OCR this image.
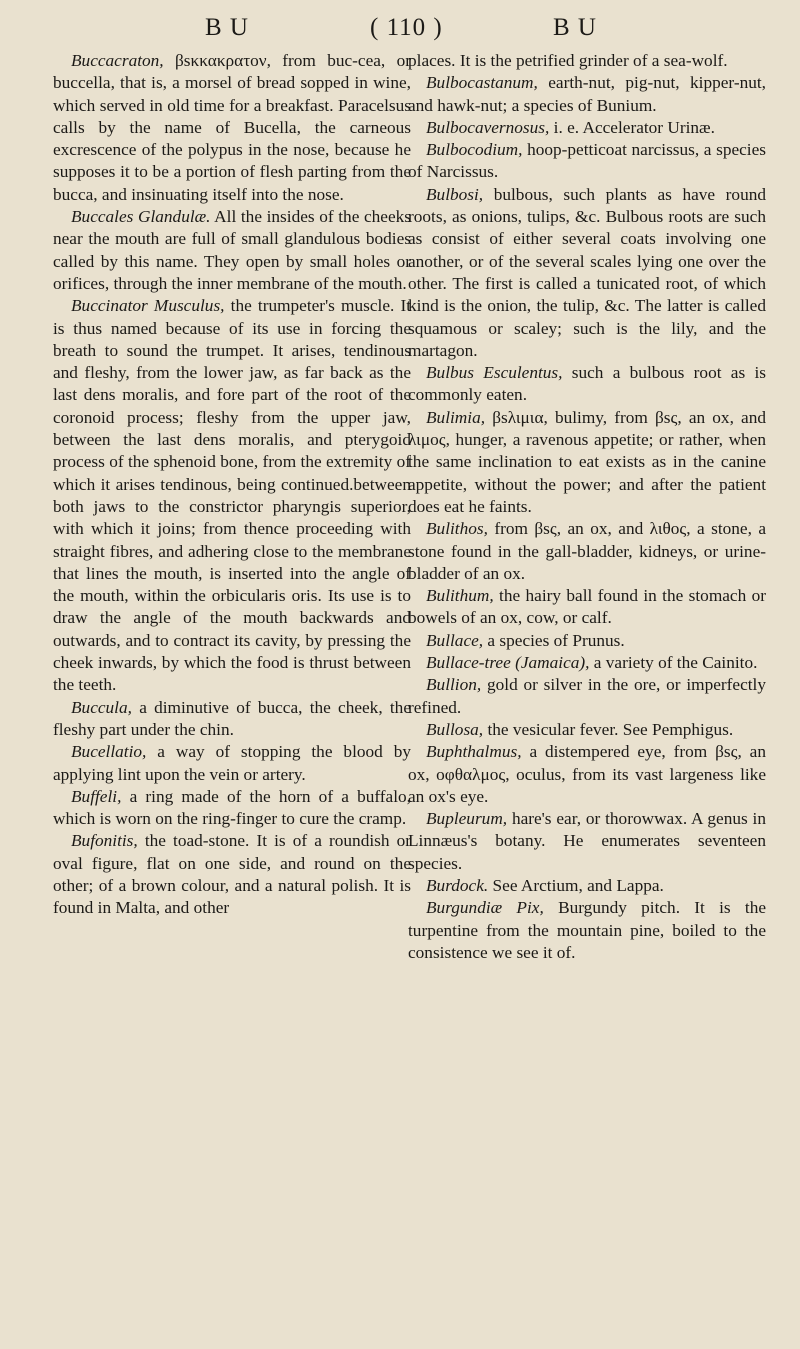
B U	( 110 )	B U

Buccacraton, βsκκακρατον, from buc-cea, or buccella, that is, a morsel of bread sopped in wine, which served in old time for a breakfast. Paracelsus calls by the name of Bucella, the carneous excrescence of the polypus in the nose, because he supposes it to be a portion of flesh parting from the bucca, and insinuating itself into the nose.

Buccales Glandulæ. All the insides of the cheeks near the mouth are full of small glandulous bodies called by this name. They open by small holes or orifices, through the inner membrane of the mouth.

Buccinator Musculus, the trumpeter's muscle. It is thus named because of its use in forcing the breath to sound the trumpet. It arises, tendinous and fleshy, from the lower jaw, as far back as the last dens moralis, and fore part of the root of the coronoid process; fleshy from the upper jaw, between the last dens moralis, and pterygoid process of the sphenoid bone, from the extremity of which it arises tendinous, being continued.between both jaws to the constrictor pharyngis superior, with which it joins; from thence proceeding with straight fibres, and adhering close to the membrane that lines the mouth, is inserted into the angle of the mouth, within the orbicularis oris. Its use is to draw the angle of the mouth backwards and outwards, and to contract its cavity, by pressing the cheek inwards, by which the food is thrust between the teeth.

Buccula, a diminutive of bucca, the cheek, the fleshy part under the chin.

Bucellatio, a way of stopping the blood by applying lint upon the vein or artery.

Buffeli, a ring made of the horn of a buffalo, which is worn on the ring-finger to cure the cramp.

Bufonitis, the toad-stone. It is of a roundish or oval figure, flat on one side, and round on the other; of a brown colour, and a natural polish. It is found in Malta, and other

places. It is the petrified grinder of a sea-wolf.

Bulbocastanum, earth-nut, pig-nut, kipper-nut, and hawk-nut; a species of Bunium.

Bulbocavernosus, i. e. Accelerator Urinæ.

Bulbocodium, hoop-petticoat narcissus, a species of Narcissus.

Bulbosi, bulbous, such plants as have round roots, as onions, tulips, &c. Bulbous roots are such as consist of either several coats involving one another, or of the several scales lying one over the other. The first is called a tunicated root, of which kind is the onion, the tulip, &c. The latter is called squamous or scaley; such is the lily, and the martagon.

Bulbus Esculentus, such a bulbous root as is commonly eaten.

Bulimia, βsλιμια, bulimy, from βsς, an ox, and λιμος, hunger, a ravenous appetite; or rather, when the same inclination to eat exists as in the canine appetite, without the power; and after the patient does eat he faints.

Bulithos, from βsς, an ox, and λιθος, a stone, a stone found in the gall-bladder, kidneys, or urine-bladder of an ox.

Bulithum, the hairy ball found in the stomach or bowels of an ox, cow, or calf.

Bullace, a species of Prunus.

Bullace-tree (Jamaica), a variety of the Cainito.

Bullion, gold or silver in the ore, or imperfectly refined.

Bullosa, the vesicular fever. See Pemphigus.

Buphthalmus, a distempered eye, from βsς, an ox, οφθαλμος, oculus, from its vast largeness like an ox's eye.

Bupleurum, hare's ear, or thorowwax. A genus in Linnæus's botany. He enumerates seventeen species.

Burdock. See Arctium, and Lappa.

Burgundiæ Pix, Burgundy pitch. It is the turpentine from the mountain pine, boiled to the consistence we see it of.
